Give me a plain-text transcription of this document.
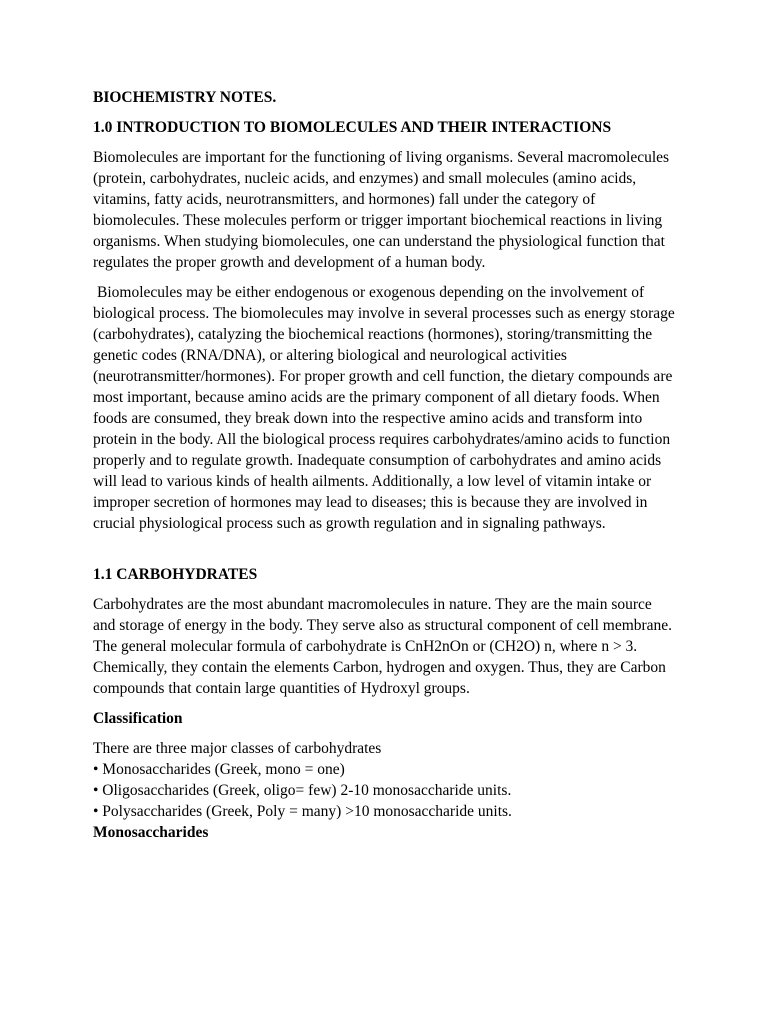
BIOCHEMISTRY NOTES.
1.0 INTRODUCTION TO BIOMOLECULES AND THEIR INTERACTIONS

Biomolecules are important for the functioning of living organisms. Several macromolecules (protein, carbohydrates, nucleic acids, and enzymes) and small molecules (amino acids, vitamins, fatty acids, neurotransmitters, and hormones) fall under the category of biomolecules. These molecules perform or trigger important biochemical reactions in living organisms. When studying biomolecules, one can understand the physiological function that regulates the proper growth and development of a human body.

Biomolecules may be either endogenous or exogenous depending on the involvement of biological process. The biomolecules may involve in several processes such as energy storage (carbohydrates), catalyzing the biochemical reactions (hormones), storing/transmitting the genetic codes (RNA/DNA), or altering biological and neurological activities (neurotransmitter/hormones). For proper growth and cell function, the dietary compounds are most important, because amino acids are the primary component of all dietary foods. When foods are consumed, they break down into the respective amino acids and transform into protein in the body. All the biological process requires carbohydrates/amino acids to function properly and to regulate growth. Inadequate consumption of carbohydrates and amino acids will lead to various kinds of health ailments. Additionally, a low level of vitamin intake or improper secretion of hormones may lead to diseases; this is because they are involved in crucial physiological process such as growth regulation and in signaling pathways.

1.1 CARBOHYDRATES

Carbohydrates are the most abundant macromolecules in nature. They are the main source and storage of energy in the body. They serve also as structural component of cell membrane. The general molecular formula of carbohydrate is CnH2nOn or (CH2O) n, where n > 3. Chemically, they contain the elements Carbon, hydrogen and oxygen. Thus, they are Carbon compounds that contain large quantities of Hydroxyl groups.

Classification

There are three major classes of carbohydrates

• Monosaccharides (Greek, mono = one)

• Oligosaccharides (Greek, oligo= few) 2-10 monosaccharide units.

• Polysaccharides (Greek, Poly = many) >10 monosaccharide units.

Monosaccharides
